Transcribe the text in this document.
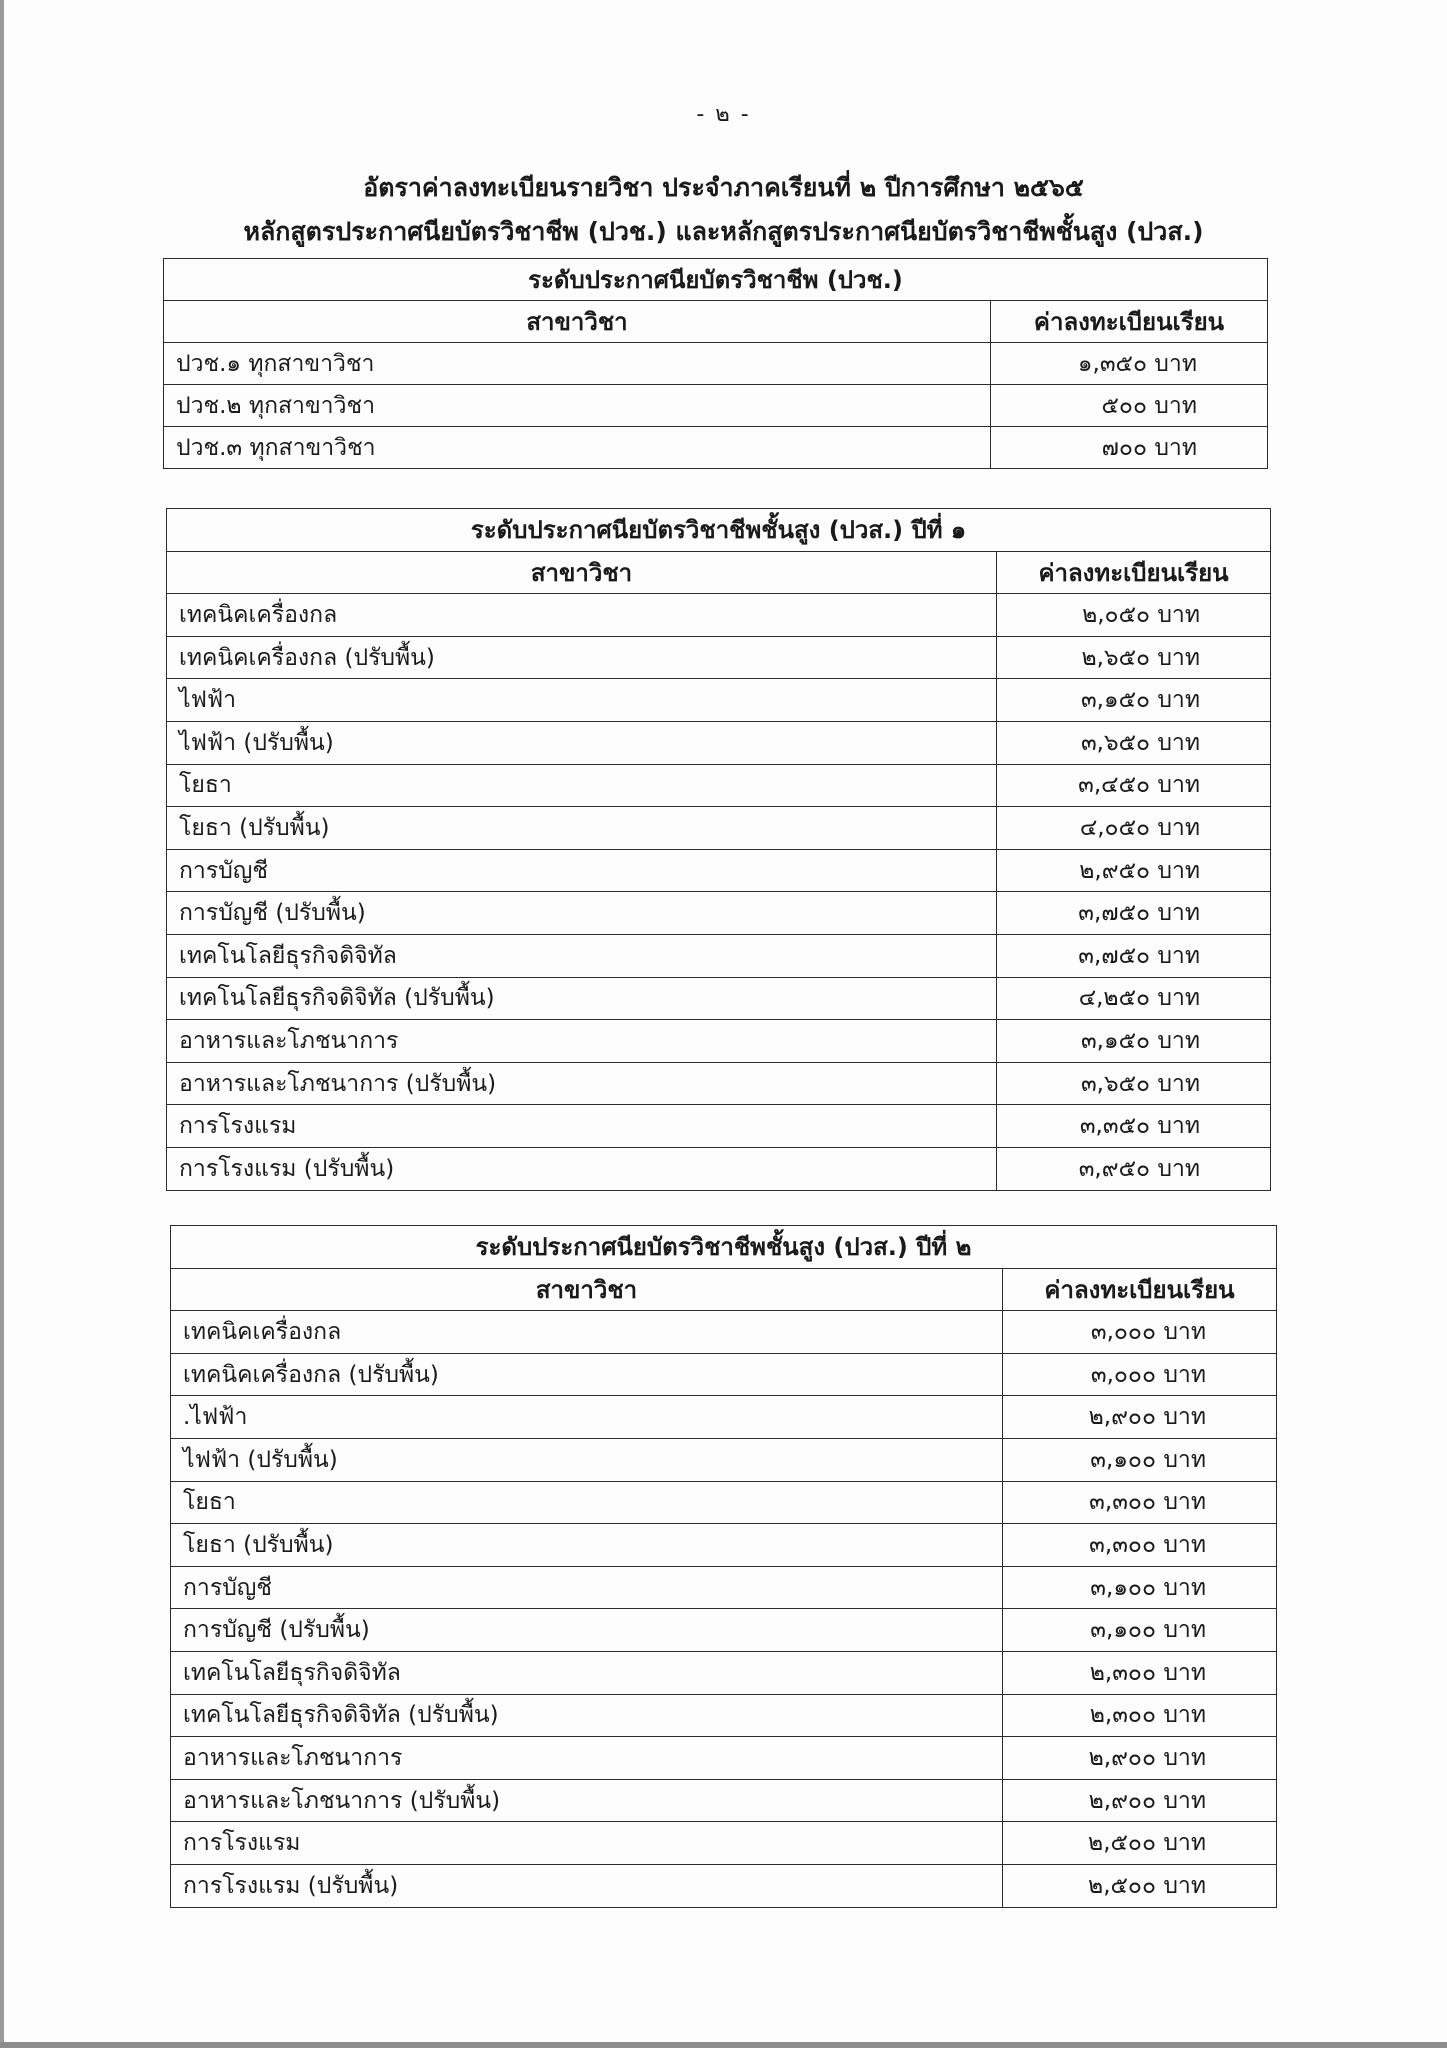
- ๒ -
อัตราค่าลงทะเบียนรายวิชา ประจำภาคเรียนที่ ๒ ปีการศึกษา ๒๕๖๕
หลักสูตรประกาศนียบัตรวิชาชีพ (ปวช.) และหลักสูตรประกาศนียบัตรวิชาชีพชั้นสูง (ปวส.)
ระดับประกาศนียบัตรวิชาชีพ (ปวช.)	
สาขาวิชา	ค่าลงทะเบียนเรียน
ปวช.๑ ทุกสาขาวิชา	๑,๓๕๐ บาท
ปวช.๒ ทุกสาขาวิชา	๕๐๐ บาท
ปวช.๓ ทุกสาขาวิชา	๗๐๐ บาท
ระดับประกาศนียบัตรวิชาชีพชั้นสูง (ปวส.) ปีที่ ๑	
สาขาวิชา	ค่าลงทะเบียนเรียน
เทคนิคเครื่องกล	๒,๐๕๐ บาท
เทคนิคเครื่องกล (ปรับพื้น)	๒,๖๕๐ บาท
ไฟฟ้า	๓,๑๕๐ บาท
ไฟฟ้า (ปรับพื้น)	๓,๖๕๐ บาท
โยธา	๓,๔๕๐ บาท
โยธา (ปรับพื้น)	๔,๐๕๐ บาท
การบัญชี	๒,๙๕๐ บาท
การบัญชี (ปรับพื้น)	๓,๗๕๐ บาท
เทคโนโลยีธุรกิจดิจิทัล	๓,๗๕๐ บาท
เทคโนโลยีธุรกิจดิจิทัล (ปรับพื้น)	๔,๒๕๐ บาท
อาหารและโภชนาการ	๓,๑๕๐ บาท
อาหารและโภชนาการ (ปรับพื้น)	๓,๖๕๐ บาท
การโรงแรม	๓,๓๕๐ บาท
การโรงแรม (ปรับพื้น)	๓,๙๕๐ บาท
ระดับประกาศนียบัตรวิชาชีพชั้นสูง (ปวส.) ปีที่ ๒	
สาขาวิชา	ค่าลงทะเบียนเรียน
เทคนิคเครื่องกล	๓,๐๐๐ บาท
เทคนิคเครื่องกล (ปรับพื้น)	๓,๐๐๐ บาท
.ไฟฟ้า	๒,๙๐๐ บาท
ไฟฟ้า (ปรับพื้น)	๓,๑๐๐ บาท
โยธา	๓,๓๐๐ บาท
โยธา (ปรับพื้น)	๓,๓๐๐ บาท
การบัญชี	๓,๑๐๐ บาท
การบัญชี (ปรับพื้น)	๓,๑๐๐ บาท
เทคโนโลยีธุรกิจดิจิทัล	๒,๓๐๐ บาท
เทคโนโลยีธุรกิจดิจิทัล (ปรับพื้น)	๒,๓๐๐ บาท
อาหารและโภชนาการ	๒,๙๐๐ บาท
อาหารและโภชนาการ (ปรับพื้น)	๒,๙๐๐ บาท
การโรงแรม	๒,๕๐๐ บาท
การโรงแรม (ปรับพื้น)	๒,๕๐๐ บาท
